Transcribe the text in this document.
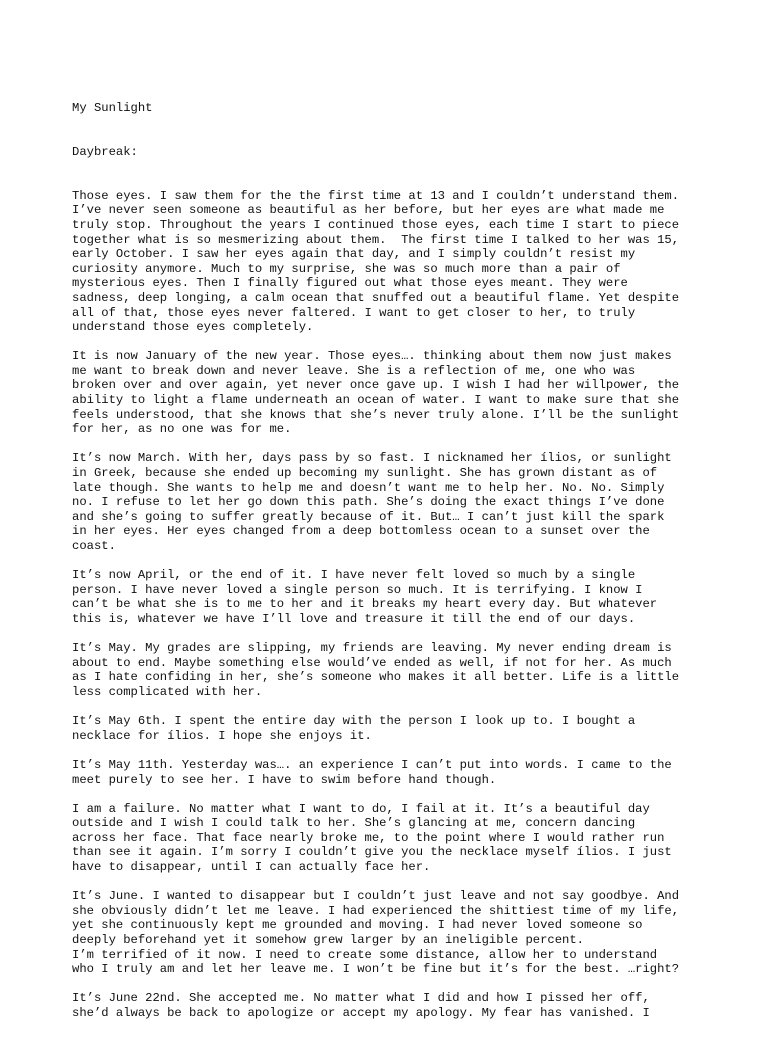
My Sunlight

Daybreak:

Those eyes. I saw them for the the first time at 13 and I couldn’t understand them.
I’ve never seen someone as beautiful as her before, but her eyes are what made me
truly stop. Throughout the years I continued those eyes, each time I start to piece
together what is so mesmerizing about them.  The first time I talked to her was 15,
early October. I saw her eyes again that day, and I simply couldn’t resist my
curiosity anymore. Much to my surprise, she was so much more than a pair of
mysterious eyes. Then I finally figured out what those eyes meant. They were
sadness, deep longing, a calm ocean that snuffed out a beautiful flame. Yet despite
all of that, those eyes never faltered. I want to get closer to her, to truly
understand those eyes completely.
It is now January of the new year. Those eyes…. thinking about them now just makes
me want to break down and never leave. She is a reflection of me, one who was
broken over and over again, yet never once gave up. I wish I had her willpower, the
ability to light a flame underneath an ocean of water. I want to make sure that she
feels understood, that she knows that she’s never truly alone. I’ll be the sunlight
for her, as no one was for me.
It’s now March. With her, days pass by so fast. I nicknamed her ílios, or sunlight
in Greek, because she ended up becoming my sunlight. She has grown distant as of
late though. She wants to help me and doesn’t want me to help her. No. No. Simply
no. I refuse to let her go down this path. She’s doing the exact things I’ve done
and she’s going to suffer greatly because of it. But… I can’t just kill the spark
in her eyes. Her eyes changed from a deep bottomless ocean to a sunset over the
coast.
It’s now April, or the end of it. I have never felt loved so much by a single
person. I have never loved a single person so much. It is terrifying. I know I
can’t be what she is to me to her and it breaks my heart every day. But whatever
this is, whatever we have I’ll love and treasure it till the end of our days.
It’s May. My grades are slipping, my friends are leaving. My never ending dream is
about to end. Maybe something else would’ve ended as well, if not for her. As much
as I hate confiding in her, she’s someone who makes it all better. Life is a little
less complicated with her.
It’s May 6th. I spent the entire day with the person I look up to. I bought a
necklace for ílios. I hope she enjoys it.
It’s May 11th. Yesterday was…. an experience I can’t put into words. I came to the
meet purely to see her. I have to swim before hand though.
I am a failure. No matter what I want to do, I fail at it. It’s a beautiful day
outside and I wish I could talk to her. She’s glancing at me, concern dancing
across her face. That face nearly broke me, to the point where I would rather run
than see it again. I’m sorry I couldn’t give you the necklace myself ílios. I just
have to disappear, until I can actually face her.
It’s June. I wanted to disappear but I couldn’t just leave and not say goodbye. And
she obviously didn’t let me leave. I had experienced the shittiest time of my life,
yet she continuously kept me grounded and moving. I had never loved someone so
deeply beforehand yet it somehow grew larger by an ineligible percent.
I’m terrified of it now. I need to create some distance, allow her to understand
who I truly am and let her leave me. I won’t be fine but it’s for the best. …right?
It’s June 22nd. She accepted me. No matter what I did and how I pissed her off,
she’d always be back to apologize or accept my apology. My fear has vanished. I
